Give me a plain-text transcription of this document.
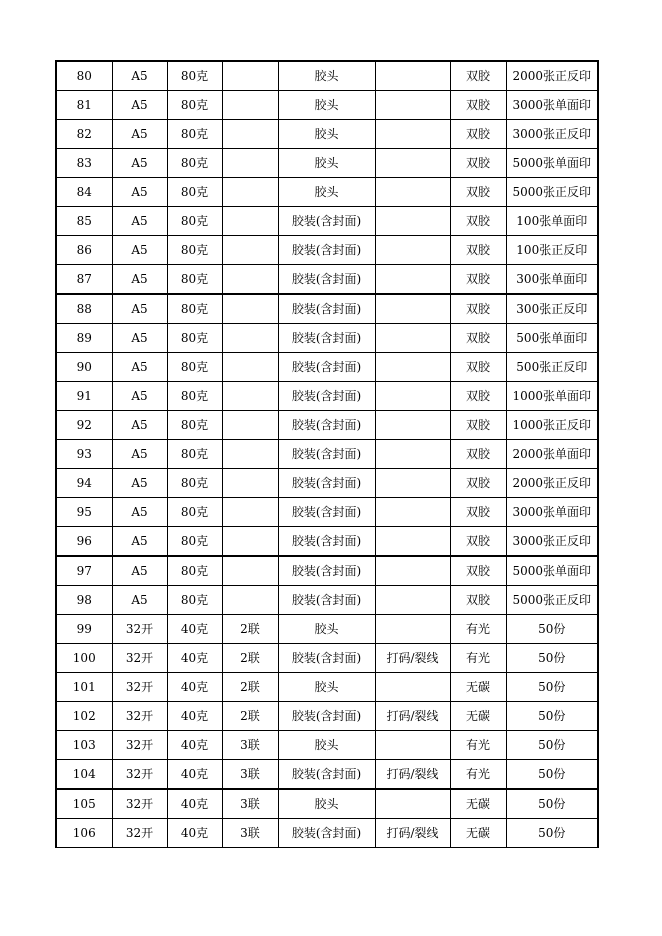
80	A5	80克		胶头		双胶	2000张正反印
81	A5	80克		胶头		双胶	3000张单面印
82	A5	80克		胶头		双胶	3000张正反印
83	A5	80克		胶头		双胶	5000张单面印
84	A5	80克		胶头		双胶	5000张正反印
85	A5	80克		胶装(含封面)		双胶	100张单面印
86	A5	80克		胶装(含封面)		双胶	100张正反印
87	A5	80克		胶装(含封面)		双胶	300张单面印
88	A5	80克		胶装(含封面)		双胶	300张正反印
89	A5	80克		胶装(含封面)		双胶	500张单面印
90	A5	80克		胶装(含封面)		双胶	500张正反印
91	A5	80克		胶装(含封面)		双胶	1000张单面印
92	A5	80克		胶装(含封面)		双胶	1000张正反印
93	A5	80克		胶装(含封面)		双胶	2000张单面印
94	A5	80克		胶装(含封面)		双胶	2000张正反印
95	A5	80克		胶装(含封面)		双胶	3000张单面印
96	A5	80克		胶装(含封面)		双胶	3000张正反印
97	A5	80克		胶装(含封面)		双胶	5000张单面印
98	A5	80克		胶装(含封面)		双胶	5000张正反印
99	32开	40克	2联	胶头		有光	50份
100	32开	40克	2联	胶装(含封面)	打码/裂线	有光	50份
101	32开	40克	2联	胶头		无碳	50份
102	32开	40克	2联	胶装(含封面)	打码/裂线	无碳	50份
103	32开	40克	3联	胶头		有光	50份
104	32开	40克	3联	胶装(含封面)	打码/裂线	有光	50份
105	32开	40克	3联	胶头		无碳	50份
106	32开	40克	3联	胶装(含封面)	打码/裂线	无碳	50份
